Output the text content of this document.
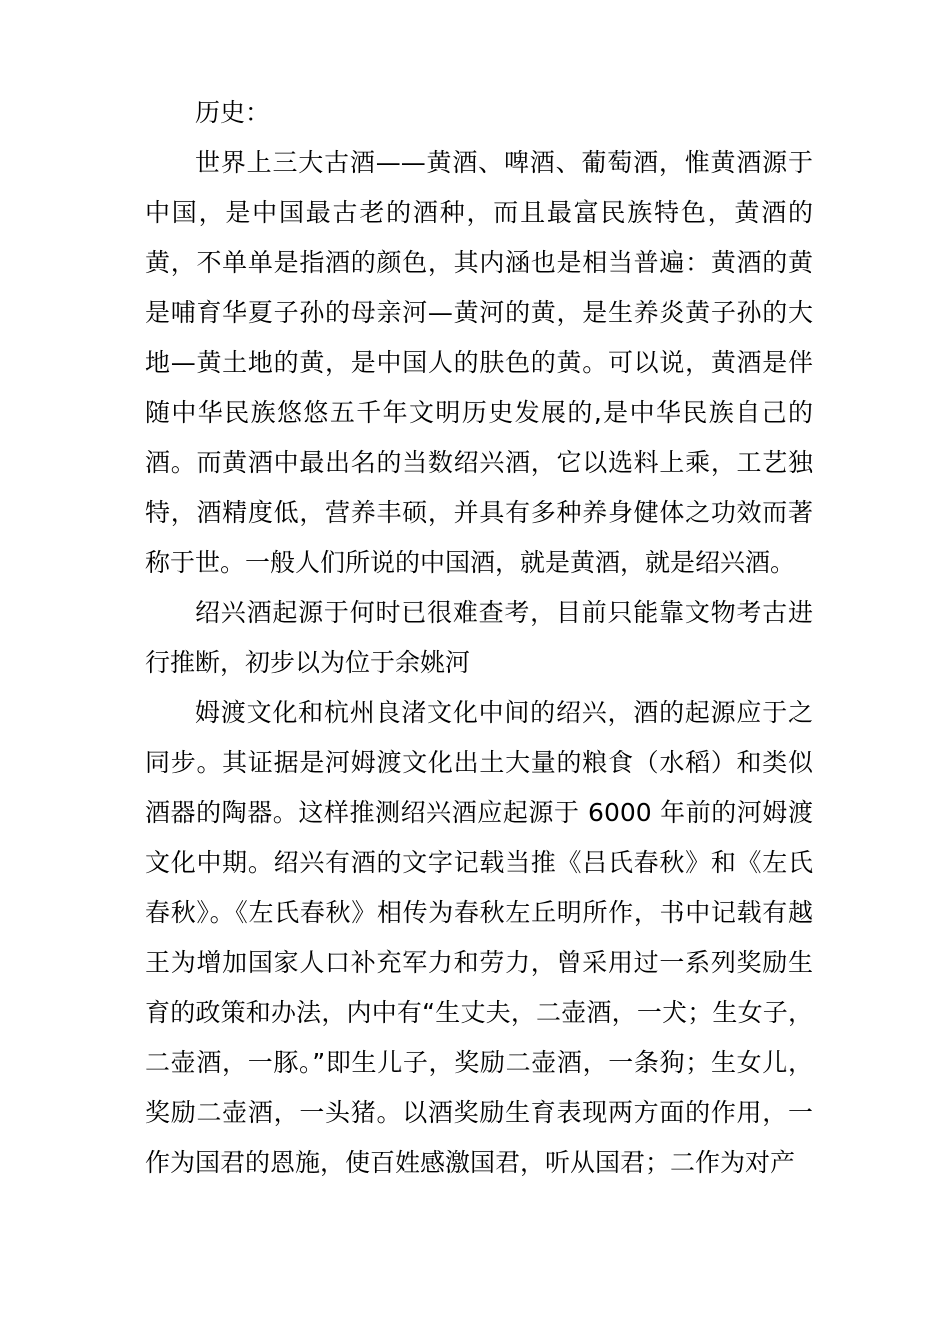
历史：

世界上三大古酒——黄酒、啤酒、葡萄酒，惟黄酒源于中国，是中国最古老的酒种，而且最富民族特色，黄酒的黄，不单单是指酒的颜色，其内涵也是相当普遍：黄酒的黄是哺育华夏子孙的母亲河—黄河的黄，是生养炎黄子孙的大地—黄土地的黄，是中国人的肤色的黄。可以说，黄酒是伴随中华民族悠悠五千年文明历史发展的,是中华民族自己的酒。而黄酒中最出名的当数绍兴酒，它以选料上乘，工艺独特，酒精度低，营养丰硕，并具有多种养身健体之功效而著称于世。一般人们所说的中国酒，就是黄酒，就是绍兴酒。

绍兴酒起源于何时已很难查考，目前只能靠文物考古进行推断，初步以为位于余姚河

姆渡文化和杭州良渚文化中间的绍兴，酒的起源应于之同步。其证据是河姆渡文化出土大量的粮食（水稻）和类似酒器的陶器。这样推测绍兴酒应起源于 6000 年前的河姆渡文化中期。绍兴有酒的文字记载当推《吕氏春秋》和《左氏春秋》。《左氏春秋》相传为春秋左丘明所作，书中记载有越王为增加国家人口补充军力和劳力，曾采用过一系列奖励生育的政策和办法，内中有“生丈夫，二壶酒，一犬；生女子，二壶酒，一豚。”即生儿子，奖励二壶酒，一条狗；生女儿，奖励二壶酒，一头猪。以酒奖励生育表现两方面的作用，一作为国君的恩施，使百姓感激国君，听从国君；二作为对产
